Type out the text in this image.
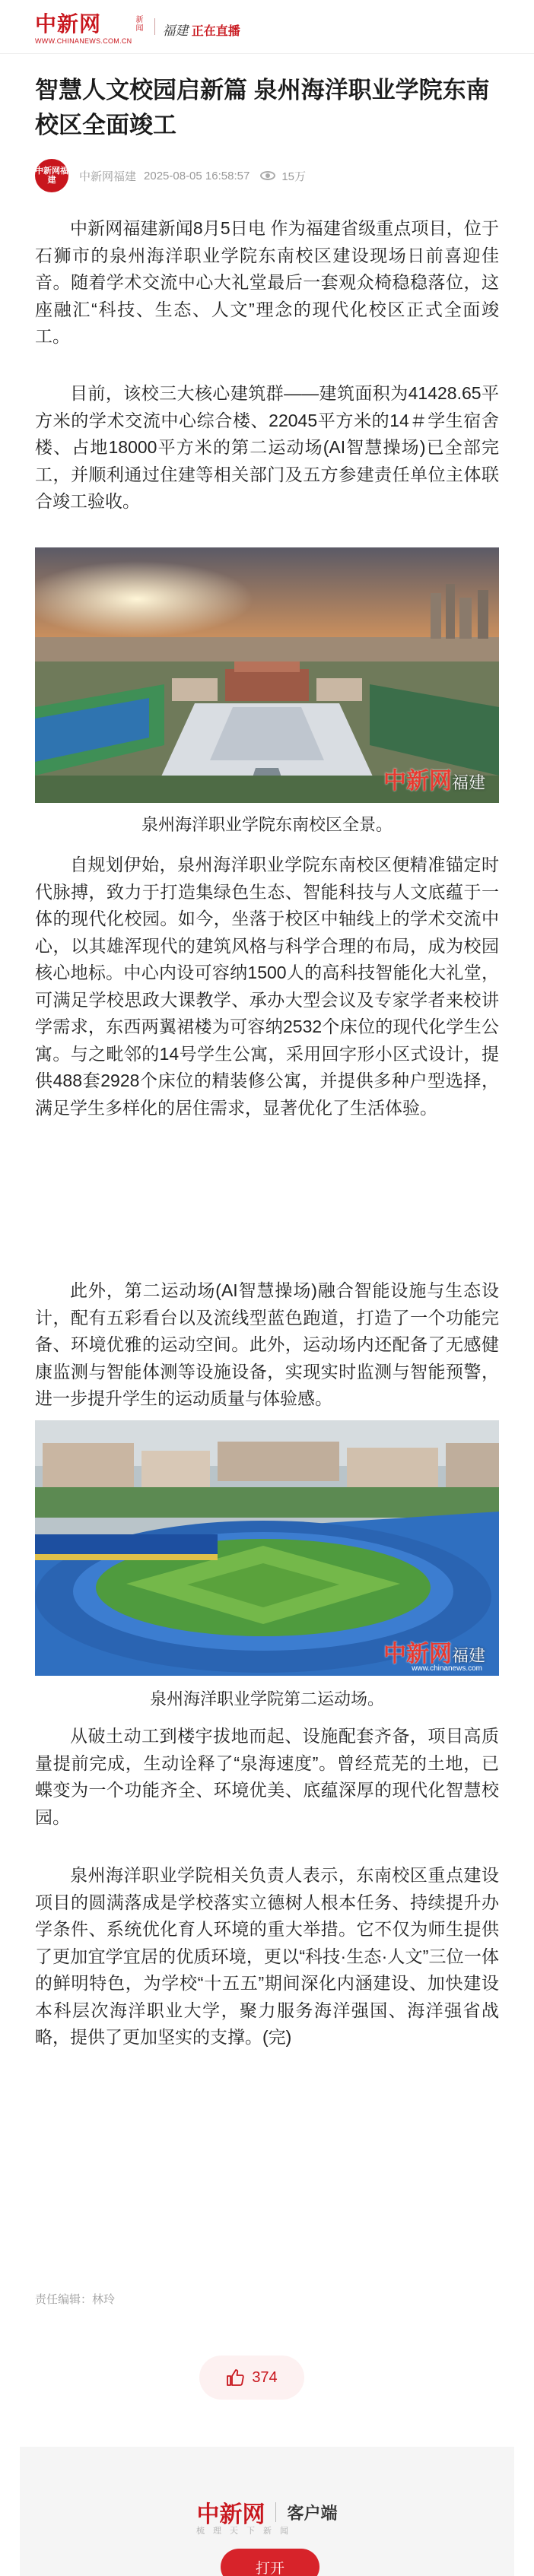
中新网
WWW.CHINANEWS.COM.CN
新闻 福建 正在直播
智慧人文校园启新篇 泉州海洋职业学院东南校区全面竣工
中新网福建	中新网福建 2025-08-05 16:58:57	15万

中新网福建新闻8月5日电 作为福建省级重点项目，位于石狮市的泉州海洋职业学院东南校区建设现场日前喜迎佳音。随着学术交流中心大礼堂最后一套观众椅稳稳落位，这座融汇“科技、生态、人文”理念的现代化校区正式全面竣工。

目前，该校三大核心建筑群——建筑面积为41428.65平方米的学术交流中心综合楼、22045平方米的14＃学生宿舍楼、占地18000平方米的第二运动场(AI智慧操场)已全部完工，并顺利通过住建等相关部门及五方参建责任单位主体联合竣工验收。

中新网福建
泉州海洋职业学院东南校区全景。

自规划伊始，泉州海洋职业学院东南校区便精准锚定时代脉搏，致力于打造集绿色生态、智能科技与人文底蕴于一体的现代化校园。如今，坐落于校区中轴线上的学术交流中心，以其雄浑现代的建筑风格与科学合理的布局，成为校园核心地标。中心内设可容纳1500人的高科技智能化大礼堂，可满足学校思政大课教学、承办大型会议及专家学者来校讲学需求，东西两翼裙楼为可容纳2532个床位的现代化学生公寓。与之毗邻的14号学生公寓，采用回字形小区式设计，提供488套2928个床位的精装修公寓，并提供多种户型选择，满足学生多样化的居住需求，显著优化了生活体验。

此外，第二运动场(AI智慧操场)融合智能设施与生态设计，配有五彩看台以及流线型蓝色跑道，打造了一个功能完备、环境优雅的运动空间。此外，运动场内还配备了无感健康监测与智能体测等设施设备，实现实时监测与智能预警，进一步提升学生的运动质量与体验感。

中新网福建
www.chinanews.com
泉州海洋职业学院第二运动场。

从破土动工到楼宇拔地而起、设施配套齐备，项目高质量提前完成，生动诠释了“泉海速度”。曾经荒芜的土地，已蝶变为一个功能齐全、环境优美、底蕴深厚的现代化智慧校园。

泉州海洋职业学院相关负责人表示，东南校区重点建设项目的圆满落成是学校落实立德树人根本任务、持续提升办学条件、系统优化育人环境的重大举措。它不仅为师生提供了更加宜学宜居的优质环境，更以“科技·生态·人文”三位一体的鲜明特色，为学校“十五五”期间深化内涵建设、加快建设本科层次海洋职业大学，聚力服务海洋强国、海洋强省战略，提供了更加坚实的支撑。(完)

责任编辑：林玲
374
中新网 客户端
梳理天下新闻
打开
